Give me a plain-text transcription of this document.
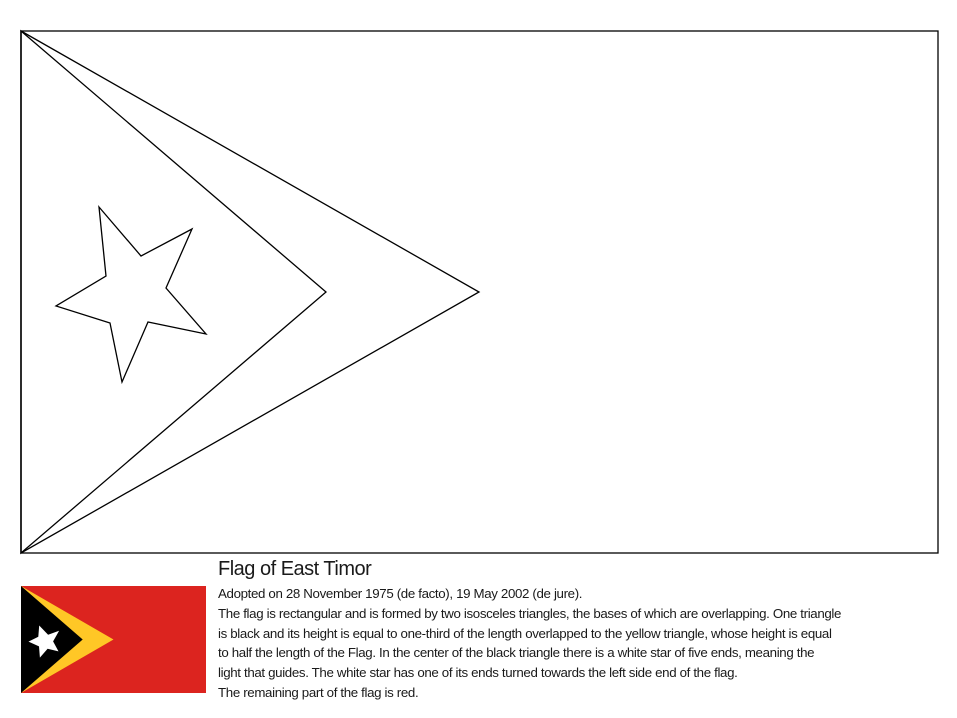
Flag of East Timor
Adopted on 28 November 1975 (de facto), 19 May 2002 (de jure).
The flag is rectangular and is formed by two isosceles triangles, the bases of which are overlapping. One triangle
is black and its height is equal to one-third of the length overlapped to the yellow triangle, whose height is equal
to half the length of the Flag. In the center of the black triangle there is a white star of five ends, meaning the
light that guides. The white star has one of its ends turned towards the left side end of the flag.
The remaining part of the flag is red.
